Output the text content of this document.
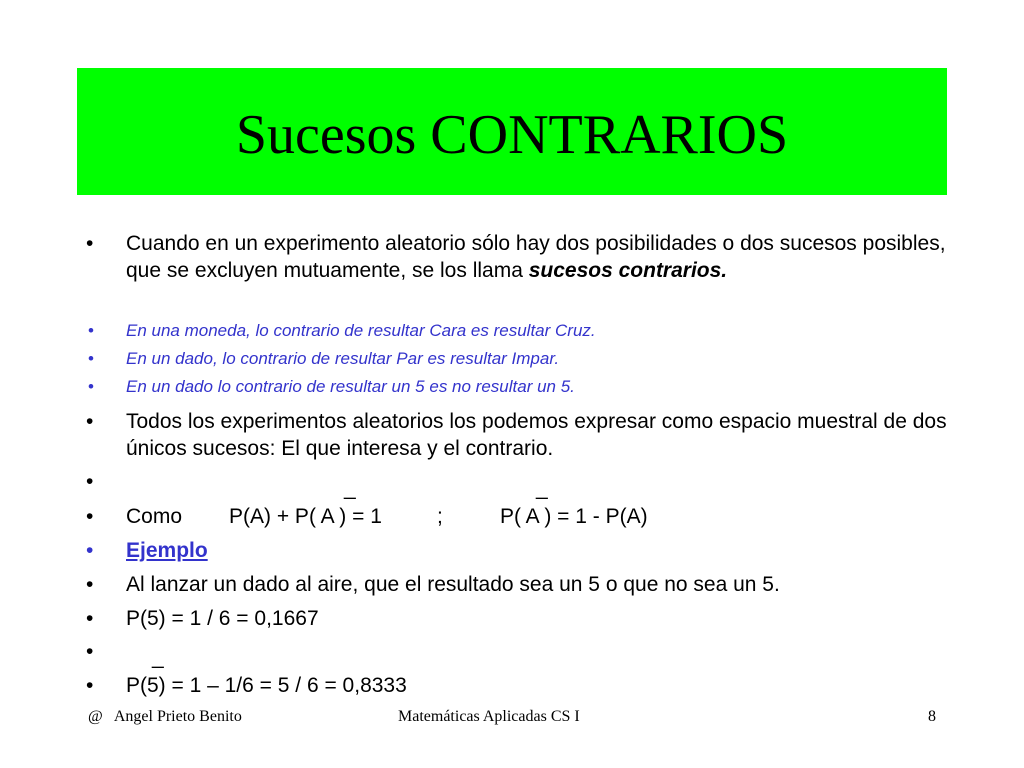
Sucesos CONTRARIOS
• Cuando en un experimento aleatorio sólo hay dos posibilidades o dos sucesos posibles, que se excluyen mutuamente, se los llama sucesos contrarios.
• En una moneda, lo contrario de resultar Cara es resultar Cruz.
• En un dado, lo contrario de resultar Par es resultar Impar.
• En un dado lo contrario de resultar un 5 es no resultar un 5.
• Todos los experimentos aleatorios los podemos expresar como espacio muestral de dos únicos sucesos: El que interesa y el contrario.
•	_	_
• Como P(A) + P( A ) = 1	;	P( A ) = 1 - P(A)
• Ejemplo
• Al lanzar un dado al aire, que el resultado sea un 5 o que no sea un 5.
• P(5) = 1 / 6 = 0,1667
•	_
• P(5) = 1 – 1/6 = 5 / 6 = 0,8333
@   Angel Prieto Benito	Matemáticas Aplicadas CS I	8
